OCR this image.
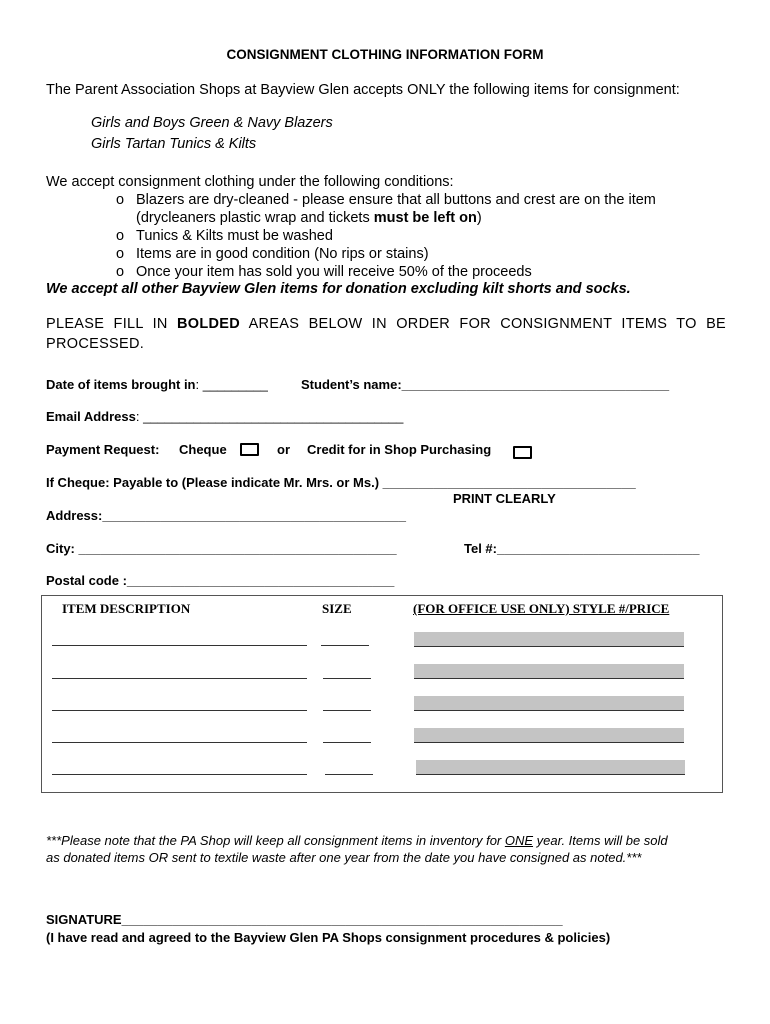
CONSIGNMENT CLOTHING INFORMATION FORM
The Parent Association Shops at Bayview Glen accepts ONLY the following items for consignment:
Girls and Boys Green & Navy Blazers
Girls Tartan Tunics & Kilts
We accept consignment clothing under the following conditions:
o Blazers are dry-cleaned - please ensure that all buttons and crest are on the item
(drycleaners plastic wrap and tickets must be left on)
o Tunics & Kilts must be washed
o Items are in good condition (No rips or stains)
o Once your item has sold you will receive 50% of the proceeds
We accept all other Bayview Glen items for donation excluding kilt shorts and socks.
PLEASE FILL IN BOLDED AREAS BELOW IN ORDER FOR CONSIGNMENT ITEMS TO BE
PROCESSED.
Date of items brought in: _________	Student’s name:_____________________________________
Email Address: ____________________________________
Payment Request: Cheque	or Credit for in Shop Purchasing
If Cheque: Payable to (Please indicate Mr. Mrs. or Ms.) ___________________________________
PRINT CLEARLY
Address:__________________________________________
City: ____________________________________________	Tel #:____________________________
Postal code :_____________________________________
ITEM DESCRIPTION	SIZE	(FOR OFFICE USE ONLY) STYLE #/PRICE
***Please note that the PA Shop will keep all consignment items in inventory for ONE year. Items will be sold
as donated items OR sent to textile waste after one year from the date you have consigned as noted.***
SIGNATURE_____________________________________________________________
(I have read and agreed to the Bayview Glen PA Shops consignment procedures & policies)
